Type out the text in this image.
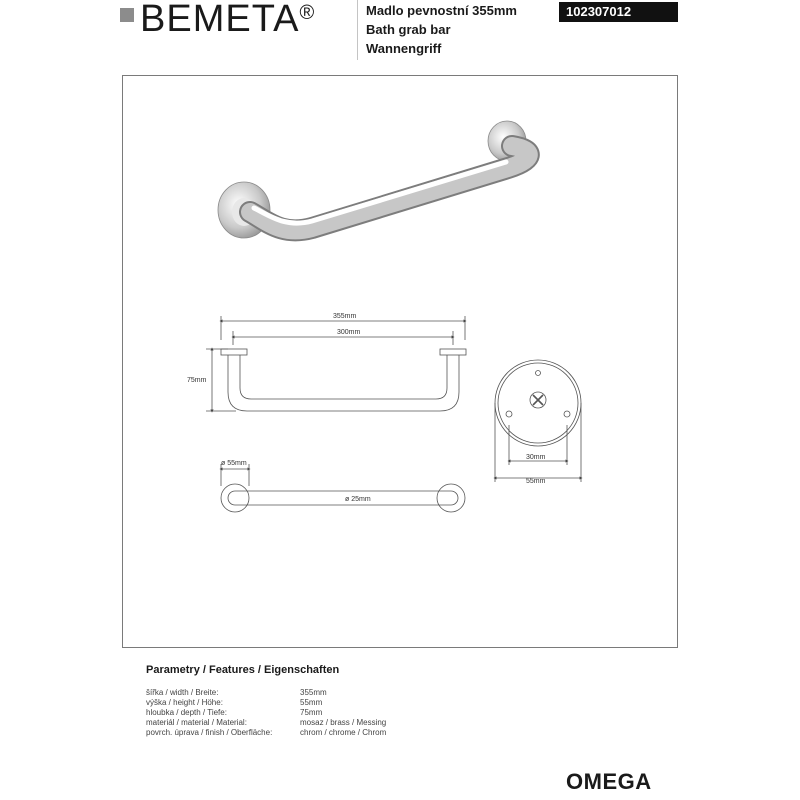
BEMETA®	Madlo pevnostní 355mm
Bath grab bar
Wannengriff
102307012
355mm
300mm
75mm
30mm
55mm
ø 55mm
ø 25mm
Parametry / Features / Eigenschaften
šířka / width / Breite:	355mm
výška / height / Höhe:	55mm
hloubka / depth / Tiefe:	75mm
materiál / material / Material:	mosaz / brass / Messing
povrch. úprava / finish / Oberfläche:	chrom / chrome / Chrom
OMEGA
